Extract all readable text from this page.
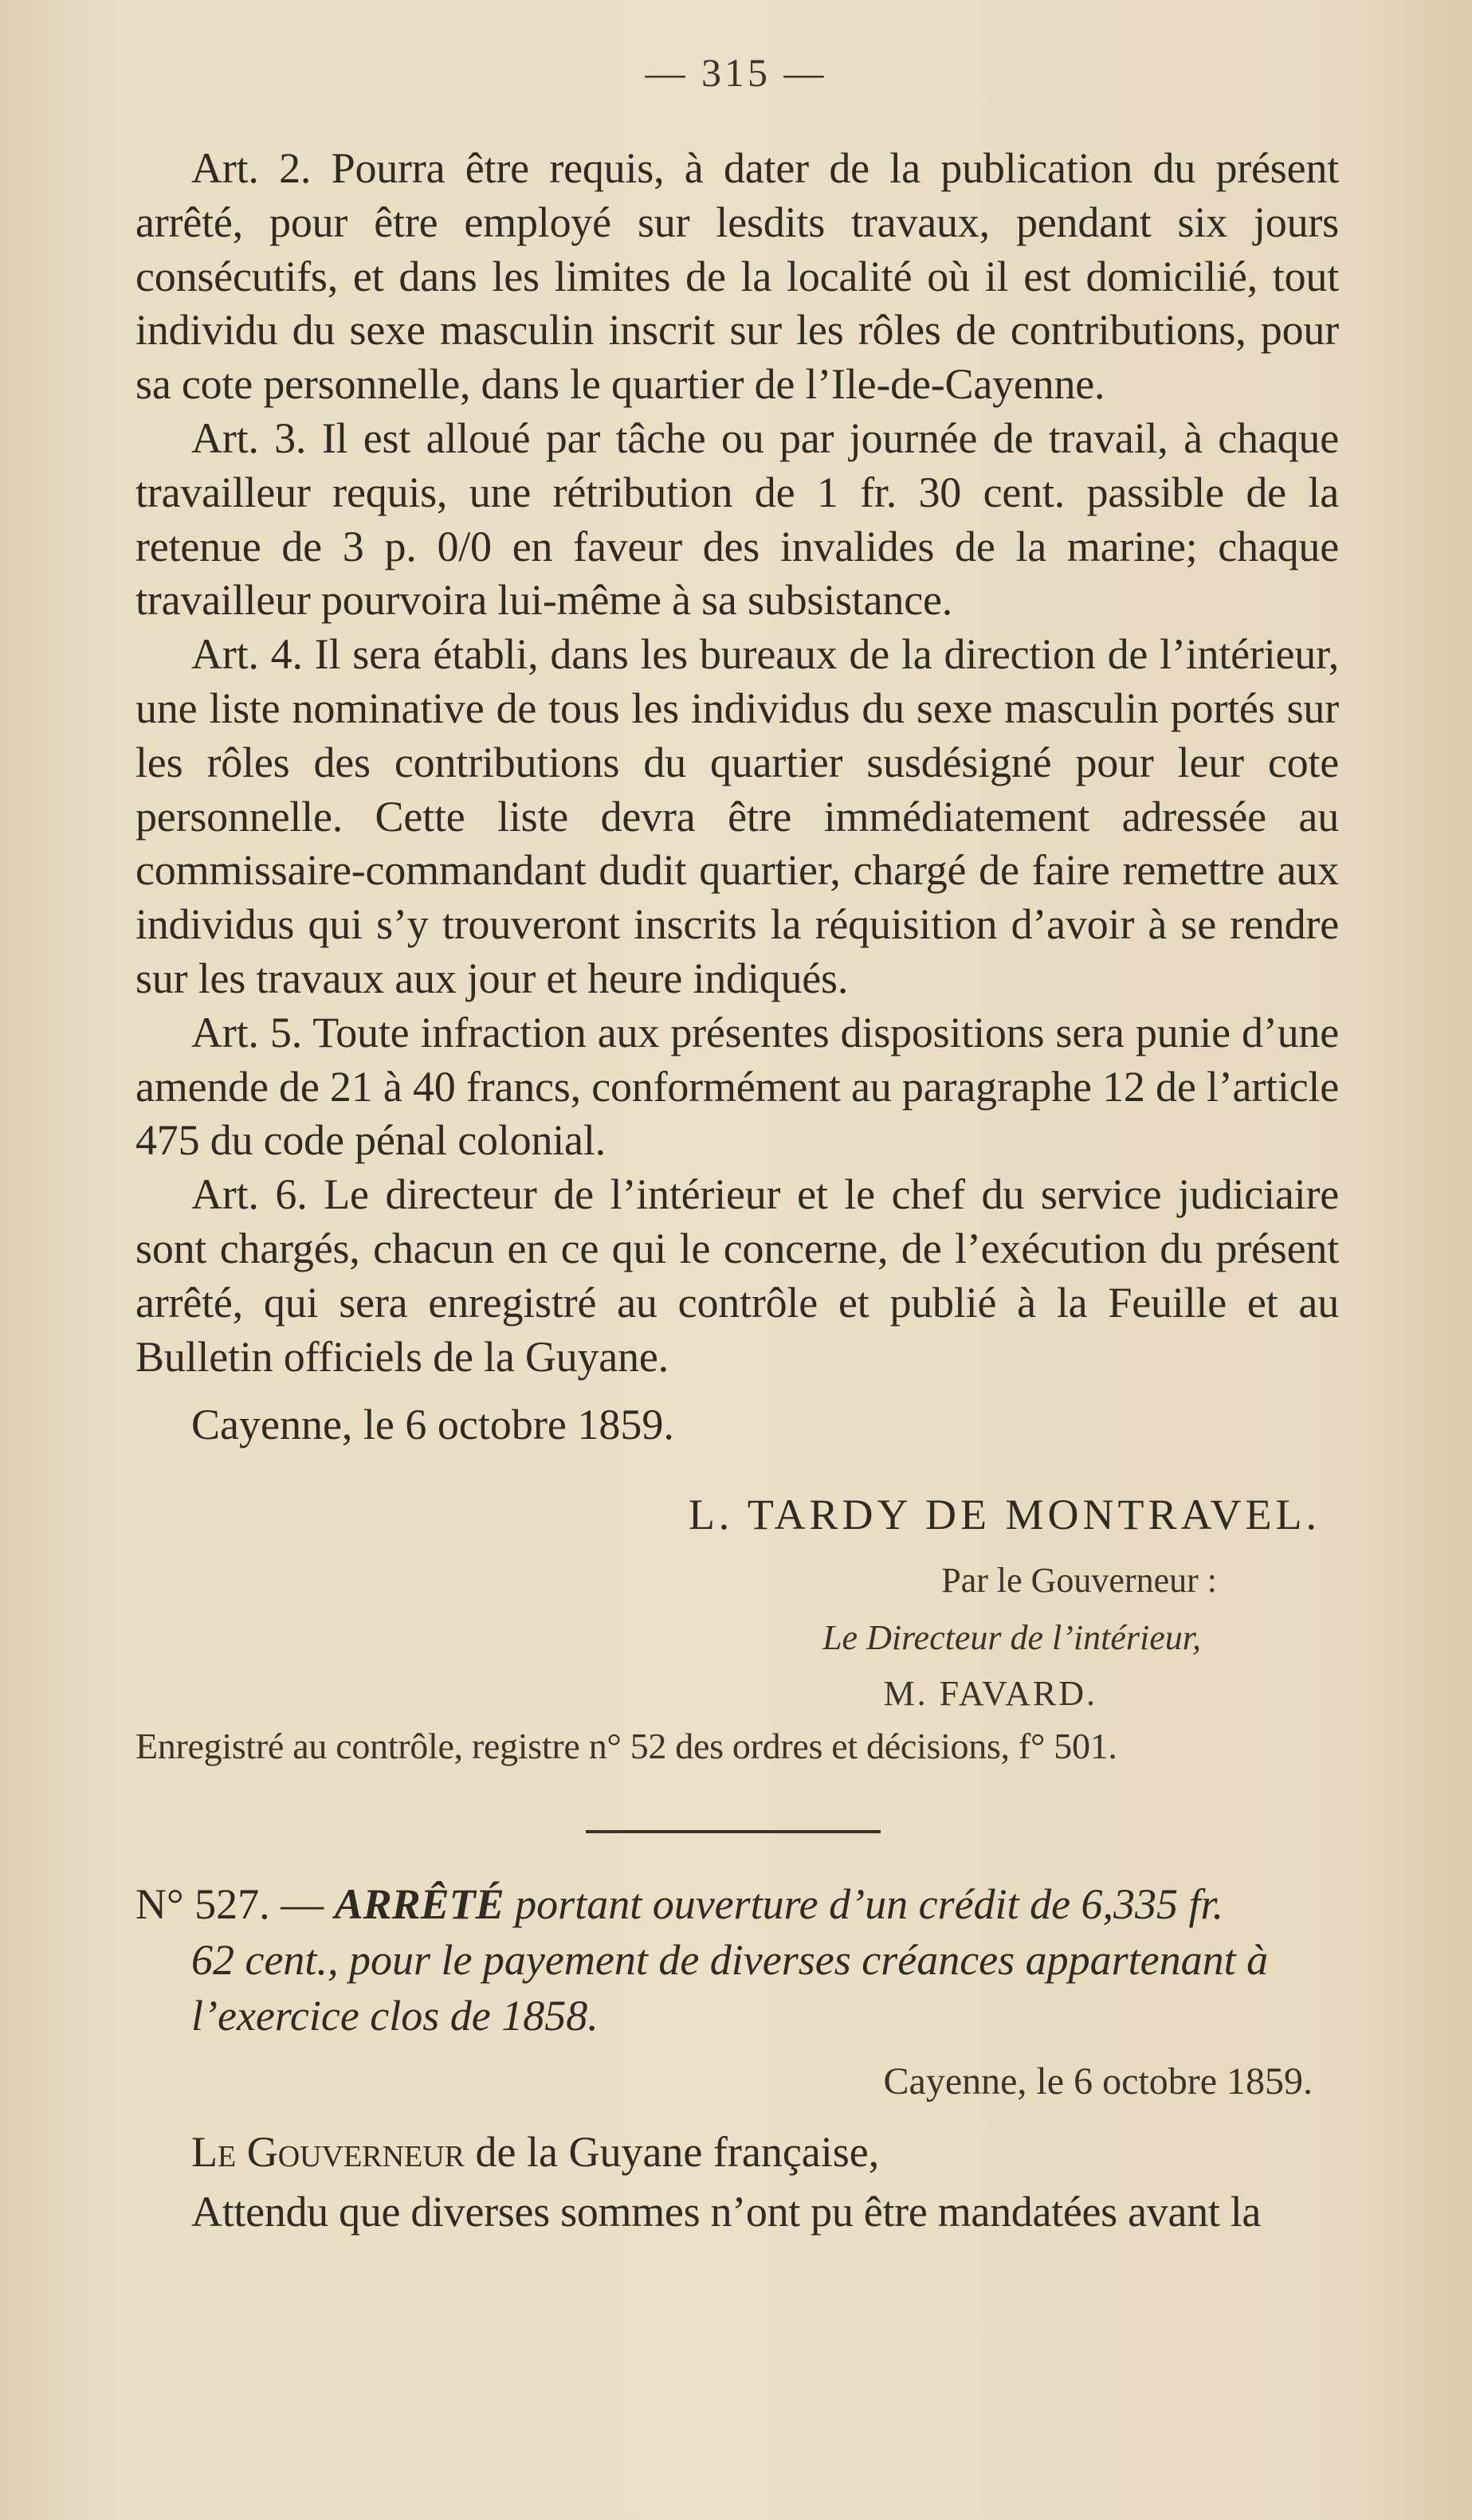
— 315 —

Art. 2. Pourra être requis, à dater de la publication du présent arrêté, pour être employé sur lesdits travaux, pendant six jours consécutifs, et dans les limites de la localité où il est domicilié, tout individu du sexe masculin inscrit sur les rôles de contributions, pour sa cote personnelle, dans le quartier de l’Ile-de-Cayenne.

Art. 3. Il est alloué par tâche ou par journée de travail, à chaque travailleur requis, une rétribution de 1 fr. 30 cent. passible de la retenue de 3 p. 0/0 en faveur des invalides de la marine; chaque travailleur pourvoira lui-même à sa subsistance.

Art. 4. Il sera établi, dans les bureaux de la direction de l’intérieur, une liste nominative de tous les individus du sexe masculin portés sur les rôles des contributions du quartier susdésigné pour leur cote personnelle. Cette liste devra être immédiatement adressée au commissaire-commandant dudit quartier, chargé de faire remettre aux individus qui s’y trouveront inscrits la réquisition d’avoir à se rendre sur les travaux aux jour et heure indiqués.

Art. 5. Toute infraction aux présentes dispositions sera punie d’une amende de 21 à 40 francs, conformément au paragraphe 12 de l’article 475 du code pénal colonial.

Art. 6. Le directeur de l’intérieur et le chef du service judiciaire sont chargés, chacun en ce qui le concerne, de l’exécution du présent arrêté, qui sera enregistré au contrôle et publié à la Feuille et au Bulletin officiels de la Guyane.

Cayenne, le 6 octobre 1859.
L. TARDY DE MONTRAVEL.
Par le Gouverneur :
Le Directeur de l’intérieur,
M. FAVARD.
Enregistré au contrôle, registre n° 52 des ordres et décisions, f° 501.
N° 527. — ARRÊTÉ portant ouverture d’un crédit de 6,335 fr.
62 cent., pour le payement de diverses créances appartenant à l’exercice clos de 1858.
Cayenne, le 6 octobre 1859.
Le Gouverneur de la Guyane française,
Attendu que diverses sommes n’ont pu être mandatées avant la
